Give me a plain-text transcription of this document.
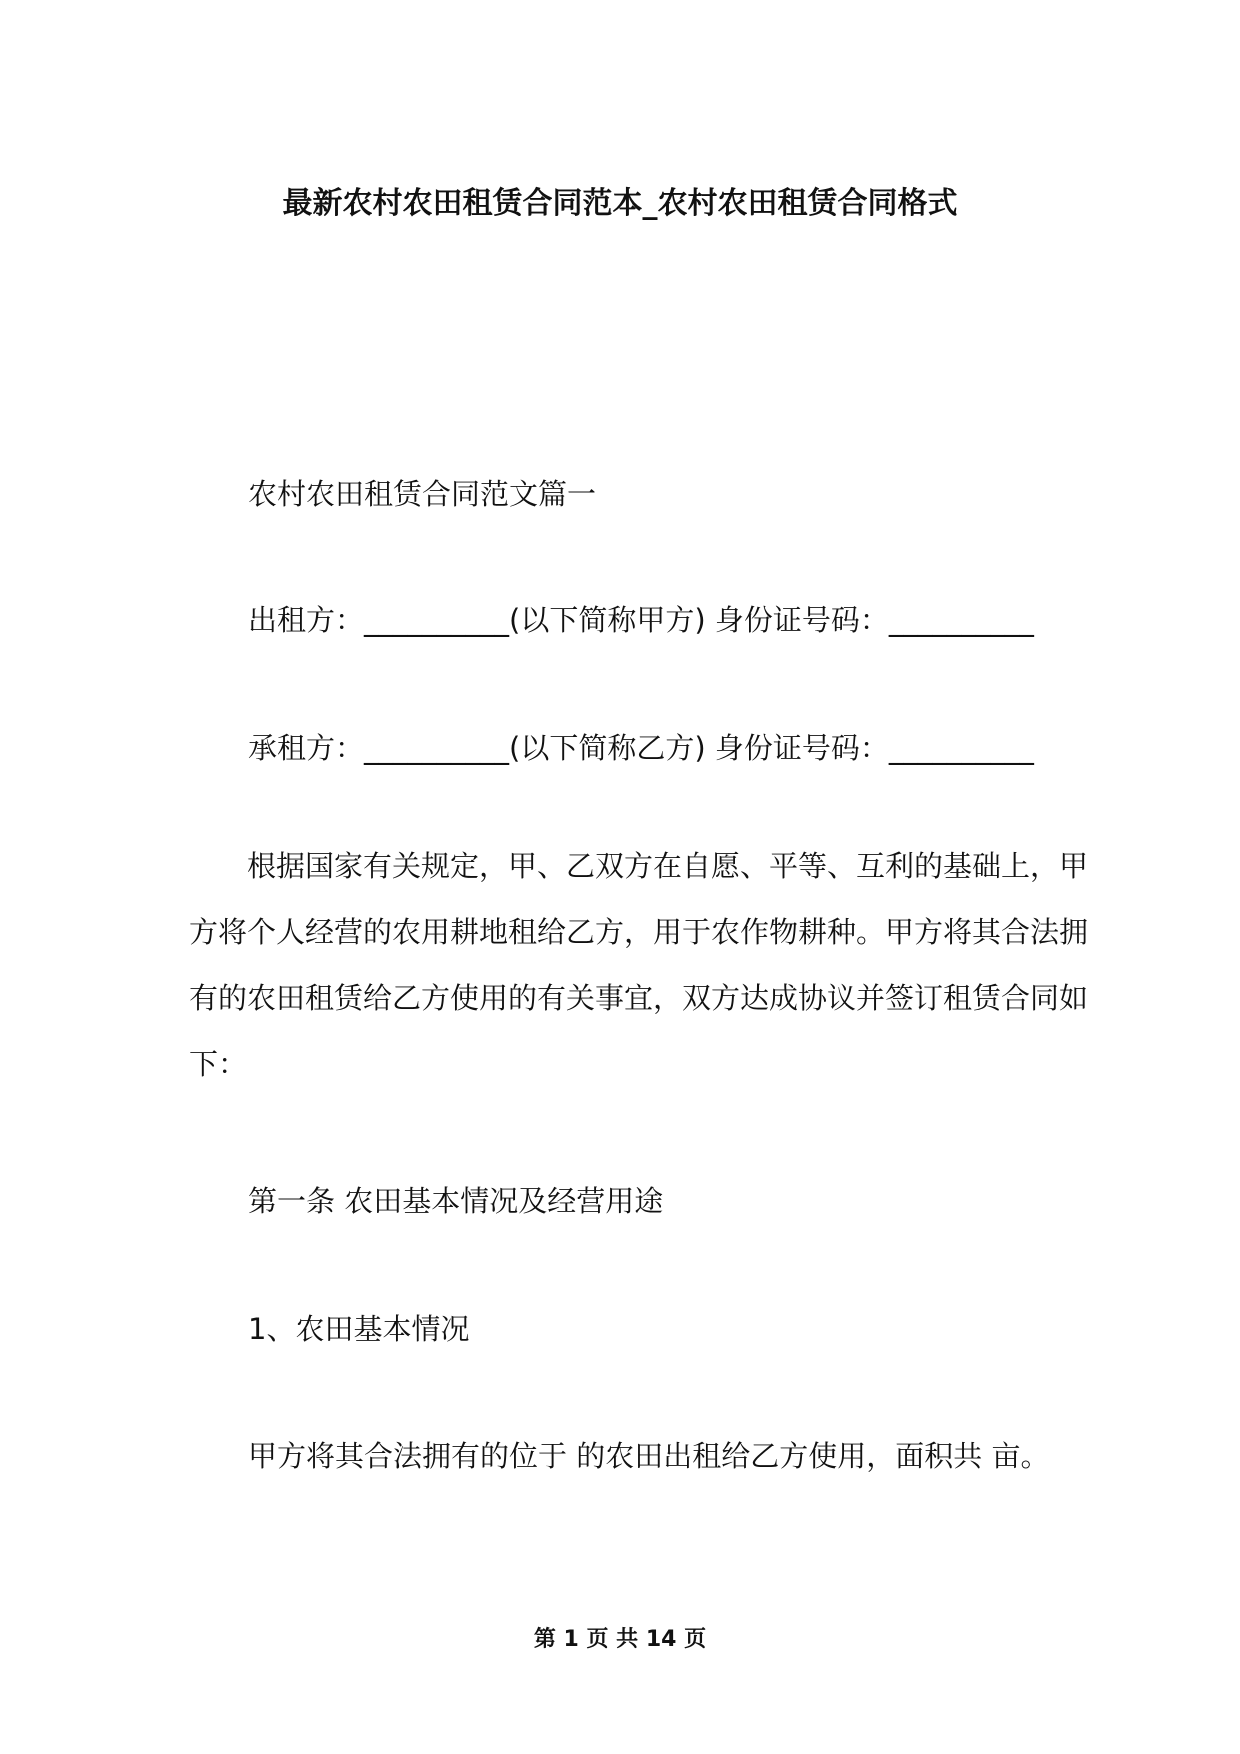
最新农村农田租赁合同范本_农村农田租赁合同格式
农村农田租赁合同范文篇一
出租方：__________(以下简称甲方) 身份证号码：__________
承租方：__________(以下简称乙方) 身份证号码：__________
根据国家有关规定，甲、乙双方在自愿、平等、互利的基础上，甲方将个人经营的农用耕地租给乙方，用于农作物耕种。甲方将其合法拥有的农田租赁给乙方使用的有关事宜，双方达成协议并签订租赁合同如下：
第一条 农田基本情况及经营用途
1、农田基本情况
甲方将其合法拥有的位于 的农田出租给乙方使用，面积共 亩。
第 1 页 共 14 页
